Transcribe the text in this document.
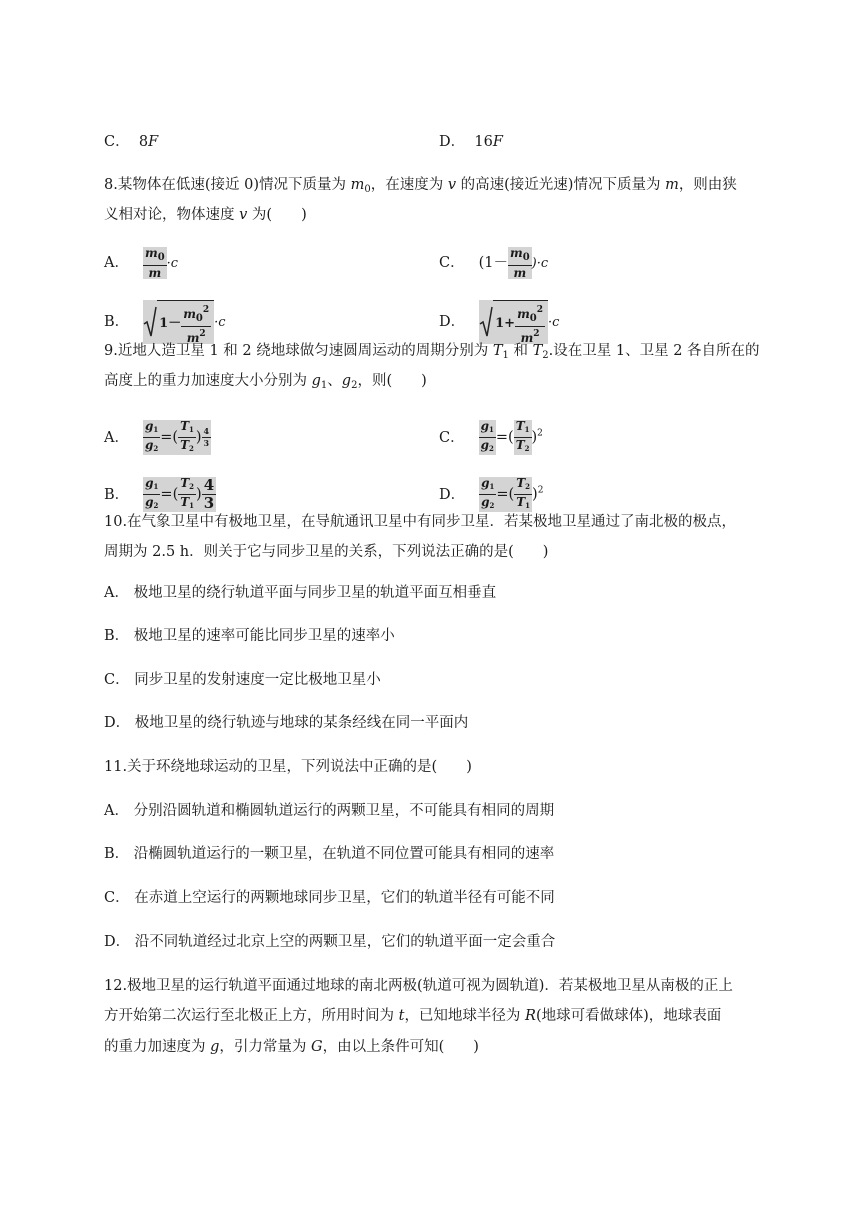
C． 8F	D． 16F
8.某物体在低速(接近 0)情况下质量为 $m_0$，在速度为 v 的高速(接近光速)情况下质量为 m，则由狭
义相对论，物体速度 v 为(　　)
A． $\frac{m_0}{m} \cdot c$	C． $(1- \frac{m_0}{m} )\cdot c$
B． $1- \frac{m_0^2}{m^2} \cdot c$	D． $1+ \frac{m_0^2}{m^2} \cdot c$
9.近地人造卫星 1 和 2 绕地球做匀速圆周运动的周期分别为 $T_1$ 和 $T_2$.设在卫星 1、卫星 2 各自所在的
高度上的重力加速度大小分别为 $g_1$、$g_2$，则(　　)
A． $\frac{g_1}{g_2}$ =( $\frac{T_1}{T_2}$ ) $\frac{4}{3}$	C． $\frac{g_1}{g_2}$ =( $\frac{T_1}{T_2} )^2$
B． $\frac{g_1}{g_2}$ =( $\frac{T_2}{T_1}$ ) $\frac{4}{3}$	D． $\frac{g_1}{g_2}$ =( $\frac{T_2}{T_1} )^2$
10.在气象卫星中有极地卫星，在导航通讯卫星中有同步卫星．若某极地卫星通过了南北极的极点，
周期为 2.5 h．则关于它与同步卫星的关系，下列说法正确的是(　　)
A． 极地卫星的绕行轨道平面与同步卫星的轨道平面互相垂直
B． 极地卫星的速率可能比同步卫星的速率小
C． 同步卫星的发射速度一定比极地卫星小
D． 极地卫星的绕行轨迹与地球的某条经线在同一平面内
11.关于环绕地球运动的卫星，下列说法中正确的是(　　)
A． 分别沿圆轨道和椭圆轨道运行的两颗卫星，不可能具有相同的周期
B． 沿椭圆轨道运行的一颗卫星，在轨道不同位置可能具有相同的速率
C． 在赤道上空运行的两颗地球同步卫星，它们的轨道半径有可能不同
D． 沿不同轨道经过北京上空的两颗卫星，它们的轨道平面一定会重合
12.极地卫星的运行轨道平面通过地球的南北两极(轨道可视为圆轨道)．若某极地卫星从南极的正上
方开始第二次运行至北极正上方，所用时间为 t，已知地球半径为 R(地球可看做球体)，地球表面
的重力加速度为 g，引力常量为 G，由以上条件可知(　　)
